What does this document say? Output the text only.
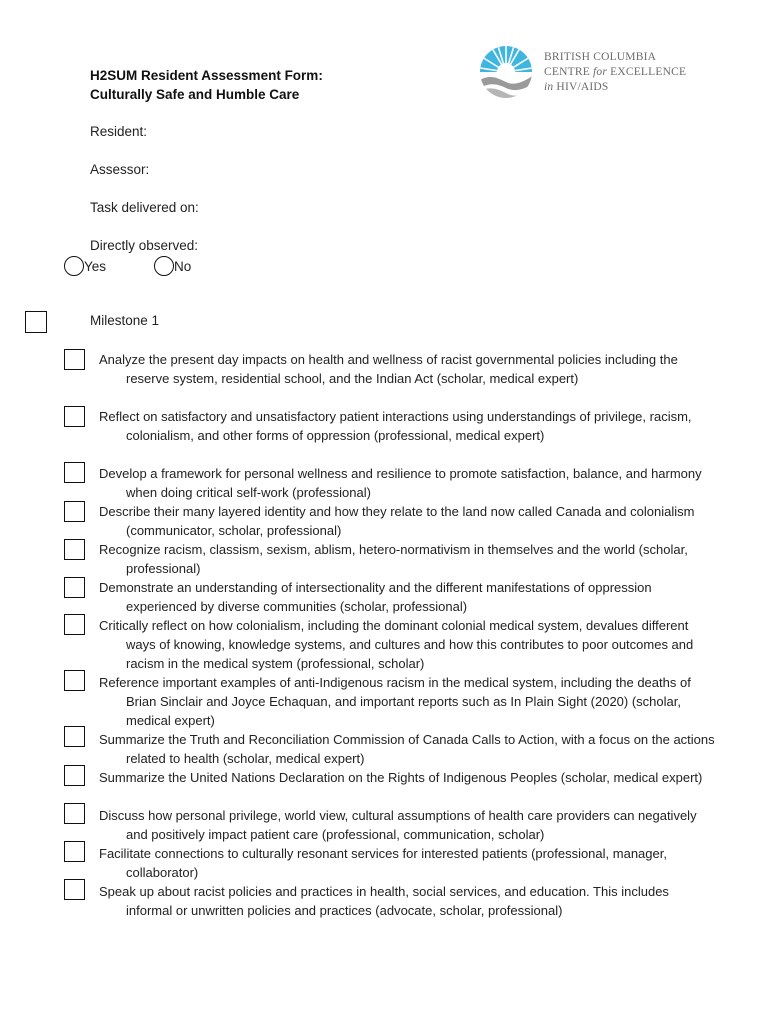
H2SUM Resident Assessment Form:
Culturally Safe and Humble Care
BRITISH COLUMBIA
CENTRE for EXCELLENCE
in HIV/AIDS
Resident:
Assessor:
Task delivered on:
Directly observed:
Yes	No
Milestone 1
Analyze the present day impacts on health and wellness of racist governmental policies including the reserve system, residential school, and the Indian Act (scholar, medical expert)
Reflect on satisfactory and unsatisfactory patient interactions using understandings of privilege, racism, colonialism, and other forms of oppression (professional, medical expert)
Develop a framework for personal wellness and resilience to promote satisfaction, balance, and harmony when doing critical self-work (professional)
Describe their many layered identity and how they relate to the land now called Canada and colonialism (communicator, scholar, professional)
Recognize racism, classism, sexism, ablism, hetero-normativism in themselves and the world (scholar, professional)
Demonstrate an understanding of intersectionality and the different manifestations of oppression experienced by diverse communities (scholar, professional)
Critically reflect on how colonialism, including the dominant colonial medical system, devalues different ways of knowing, knowledge systems, and cultures and how this contributes to poor outcomes and racism in the medical system (professional, scholar)
Reference important examples of anti-Indigenous racism in the medical system, including the deaths of Brian Sinclair and Joyce Echaquan, and important reports such as In Plain Sight (2020) (scholar, medical expert)
Summarize the Truth and Reconciliation Commission of Canada Calls to Action, with a focus on the actions related to health (scholar, medical expert)
Summarize the United Nations Declaration on the Rights of Indigenous Peoples (scholar, medical expert)
Discuss how personal privilege, world view, cultural assumptions of health care providers can negatively and positively impact patient care (professional, communication, scholar)
Facilitate connections to culturally resonant services for interested patients (professional, manager, collaborator)
Speak up about racist policies and practices in health, social services, and education. This includes informal or unwritten policies and practices (advocate, scholar, professional)
